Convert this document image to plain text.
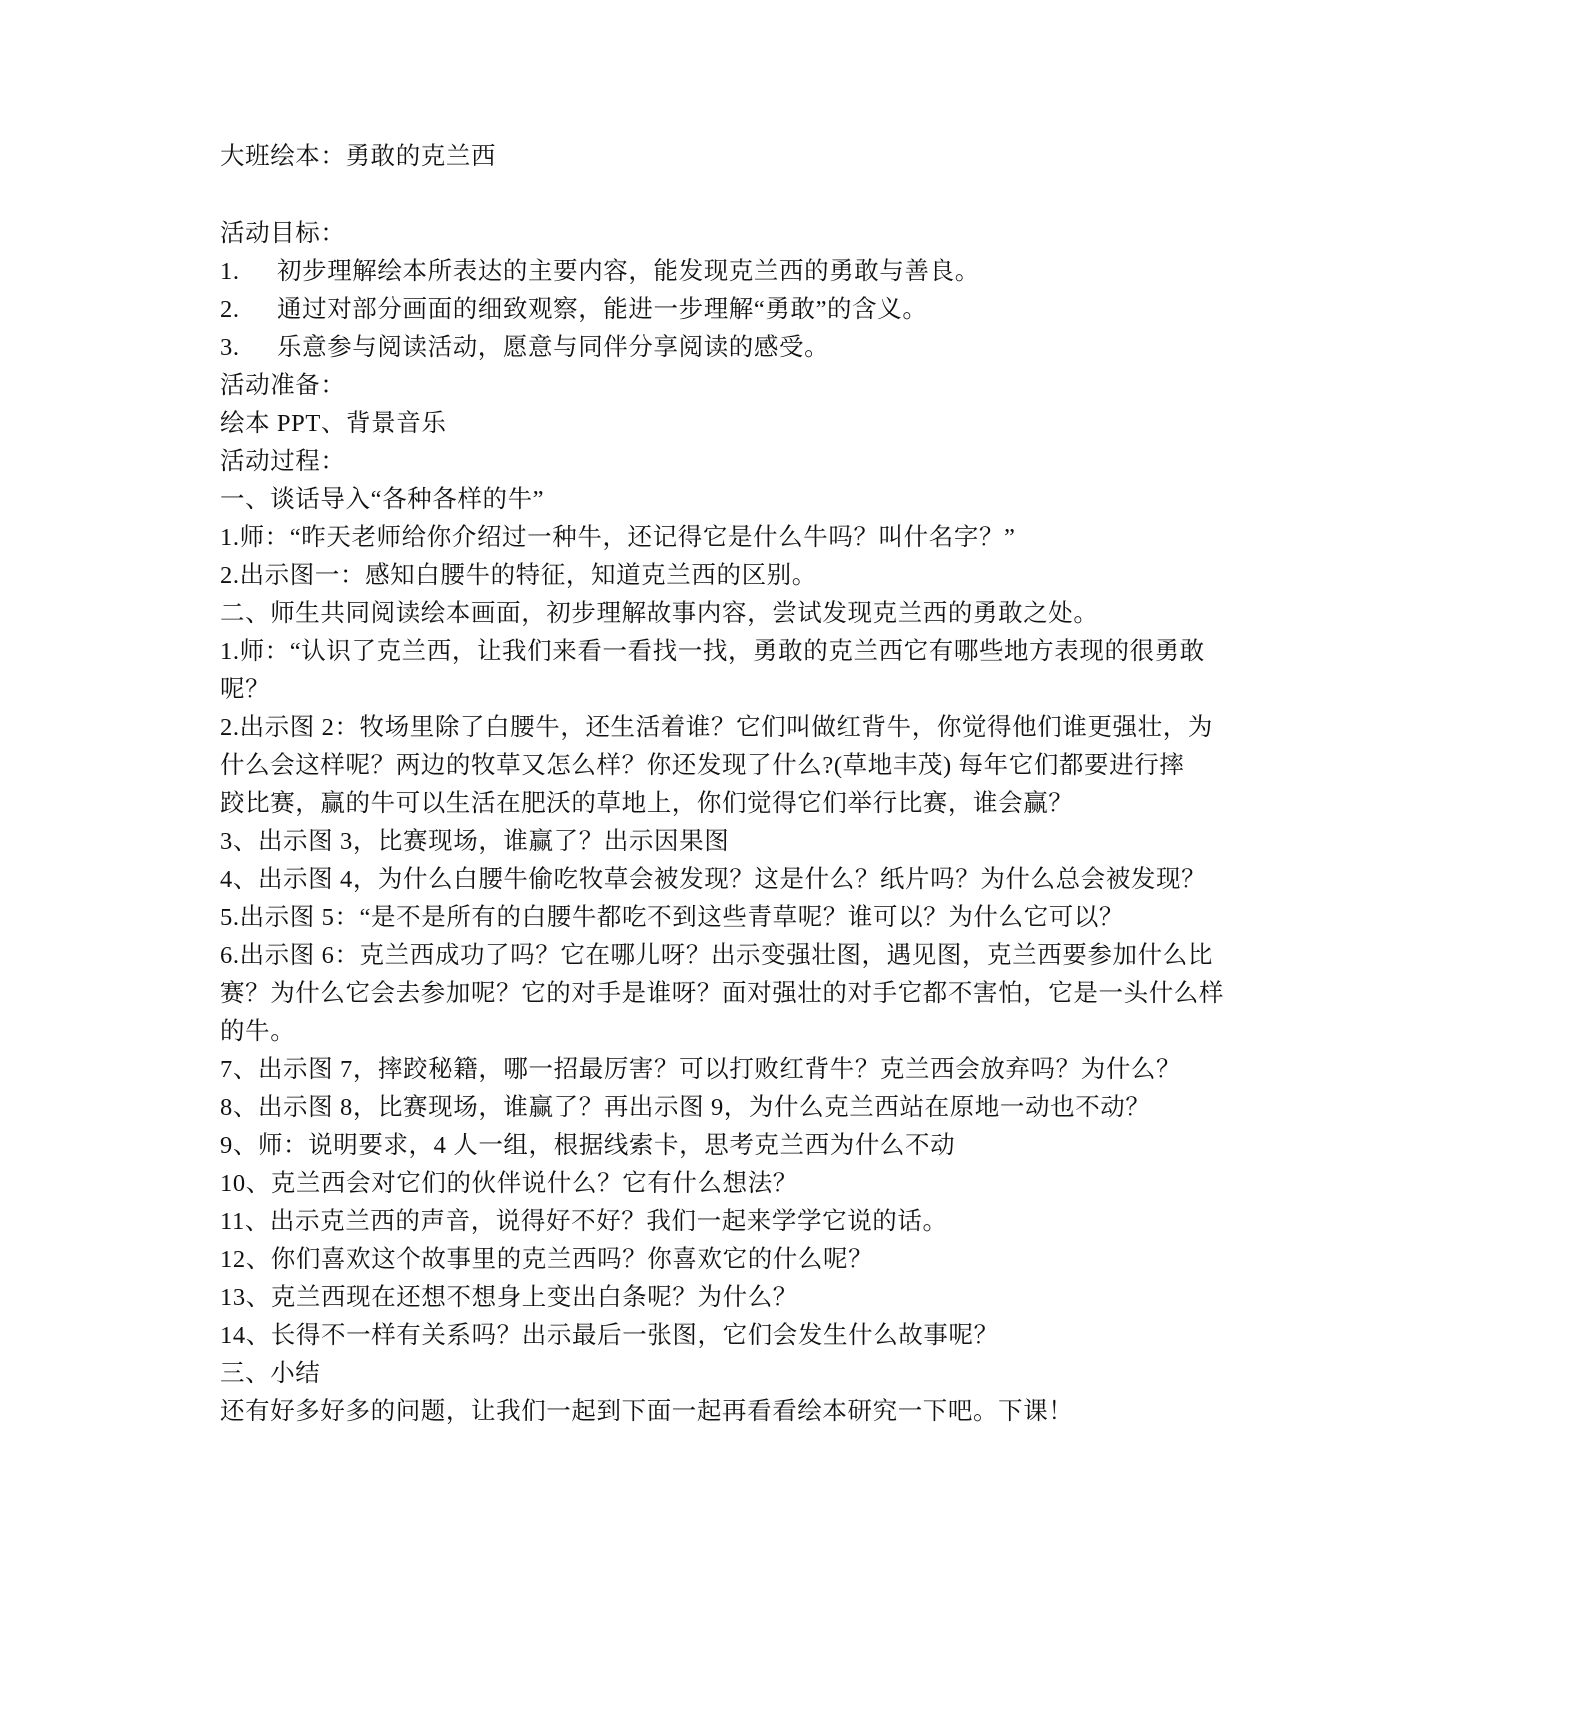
大班绘本：勇敢的克兰西
活动目标：
1. 初步理解绘本所表达的主要内容，能发现克兰西的勇敢与善良。
2. 通过对部分画面的细致观察，能进一步理解“勇敢”的含义。
3. 乐意参与阅读活动，愿意与同伴分享阅读的感受。
活动准备：
绘本 PPT、背景音乐
活动过程：
一、谈话导入“各种各样的牛”
1.师：“昨天老师给你介绍过一种牛，还记得它是什么牛吗？叫什名字？”
2.出示图一：感知白腰牛的特征，知道克兰西的区别。
二、师生共同阅读绘本画面，初步理解故事内容，尝试发现克兰西的勇敢之处。
1.师：“认识了克兰西，让我们来看一看找一找，勇敢的克兰西它有哪些地方表现的很勇敢
呢？
2.出示图 2：牧场里除了白腰牛，还生活着谁？它们叫做红背牛，你觉得他们谁更强壮，为
什么会这样呢？两边的牧草又怎么样？你还发现了什么?(草地丰茂) 每年它们都要进行摔
跤比赛，赢的牛可以生活在肥沃的草地上，你们觉得它们举行比赛，谁会赢？
3、出示图 3，比赛现场，谁赢了？出示因果图
4、出示图 4，为什么白腰牛偷吃牧草会被发现？这是什么？纸片吗？为什么总会被发现？
5.出示图 5：“是不是所有的白腰牛都吃不到这些青草呢？谁可以？为什么它可以？
6.出示图 6：克兰西成功了吗？它在哪儿呀？出示变强壮图，遇见图，克兰西要参加什么比
赛？为什么它会去参加呢？它的对手是谁呀？面对强壮的对手它都不害怕，它是一头什么样
的牛。
7、出示图 7，摔跤秘籍，哪一招最厉害？可以打败红背牛？克兰西会放弃吗？为什么？
8、出示图 8，比赛现场，谁赢了？再出示图 9，为什么克兰西站在原地一动也不动？
9、师：说明要求，4 人一组，根据线索卡，思考克兰西为什么不动
10、克兰西会对它们的伙伴说什么？它有什么想法？
11、出示克兰西的声音，说得好不好？我们一起来学学它说的话。
12、你们喜欢这个故事里的克兰西吗？你喜欢它的什么呢？
13、克兰西现在还想不想身上变出白条呢？为什么？
14、长得不一样有关系吗？出示最后一张图，它们会发生什么故事呢？
三、小结
还有好多好多的问题，让我们一起到下面一起再看看绘本研究一下吧。下课！
